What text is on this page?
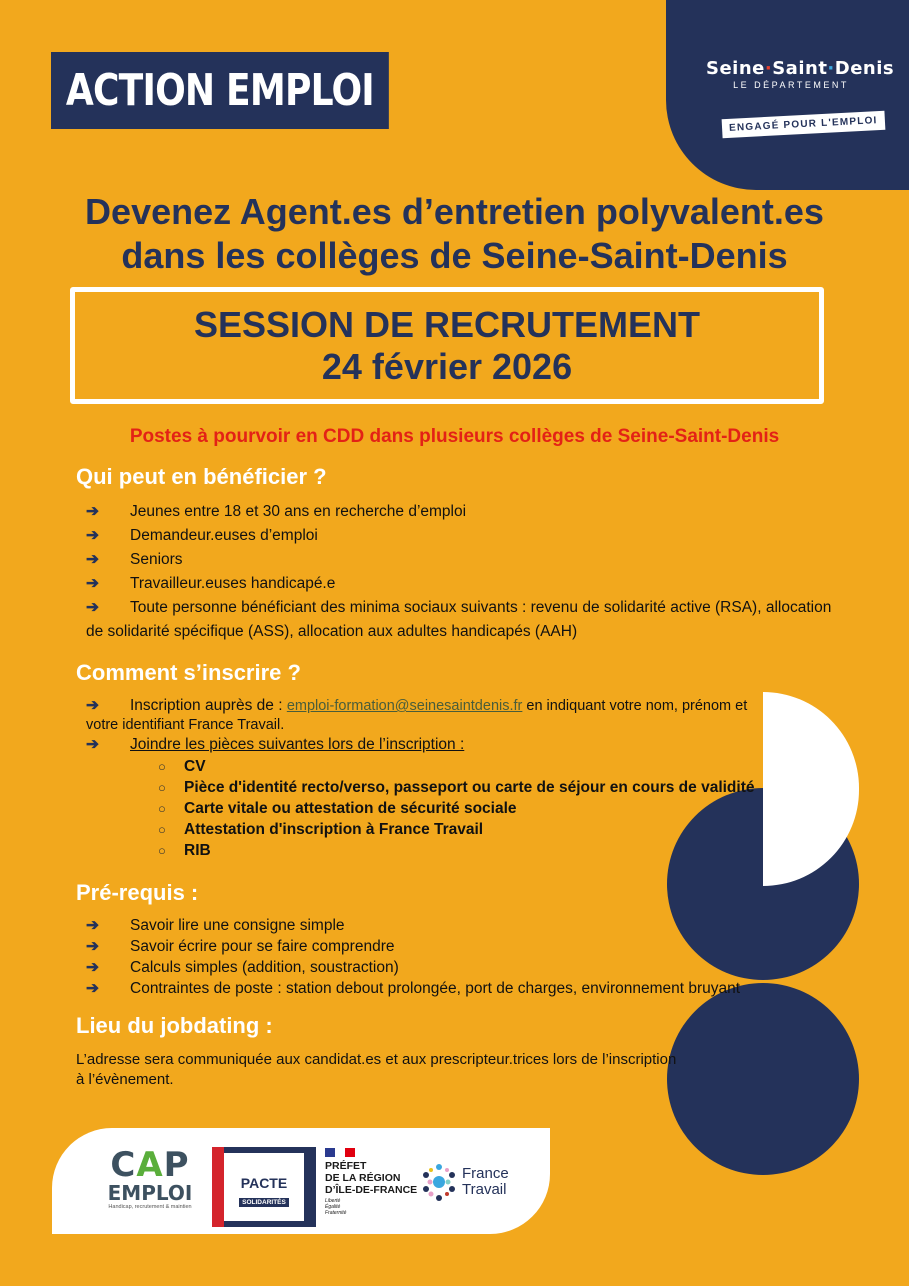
Seine·Saint·Denis
LE DÉPARTEMENT
ENGAGÉ POUR L'EMPLOI
ACTION EMPLOI
Devenez Agent.es d’entretien polyvalent.es
dans les collèges de Seine-Saint-Denis
SESSION DE RECRUTEMENT
24 février 2026
Postes à pourvoir en CDD dans plusieurs collèges de Seine-Saint-Denis
Qui peut en bénéficier ?
➔ Jeunes entre 18 et 30 ans en recherche d’emploi
➔ Demandeur.euses d’emploi
➔ Seniors
➔ Travailleur.euses handicapé.e
➔ Toute personne bénéficiant des minima sociaux suivants : revenu de solidarité active (RSA), allocation
de solidarité spécifique (ASS), allocation aux adultes handicapés (AAH)
Comment s’inscrire ?
➔ Inscription auprès de : emploi-formation@seinesaintdenis.fr en indiquant votre nom, prénom et
votre identifiant France Travail.
➔ Joindre les pièces suivantes lors de l’inscription :
○ CV
○ Pièce d'identité recto/verso, passeport ou carte de séjour en cours de validité
○ Carte vitale ou attestation de sécurité sociale
○ Attestation d'inscription à France Travail
○ RIB
Pré-requis :
➔ Savoir lire une consigne simple
➔ Savoir écrire pour se faire comprendre
➔ Calculs simples (addition, soustraction)
➔ Contraintes de poste : station debout prolongée, port de charges, environnement bruyant
Lieu du jobdating :
L’adresse sera communiquée aux candidat.es et aux prescripteur.trices lors de l’inscription
à l’évènement.
CAP
EMPLOI
Handicap, recrutement & maintien
PACTE
SOLIDARITÉS
PRÉFET
DE LA RÉGION
D’ÎLE-DE-FRANCE
Liberté
Égalité
Fraternité
France
Travail
